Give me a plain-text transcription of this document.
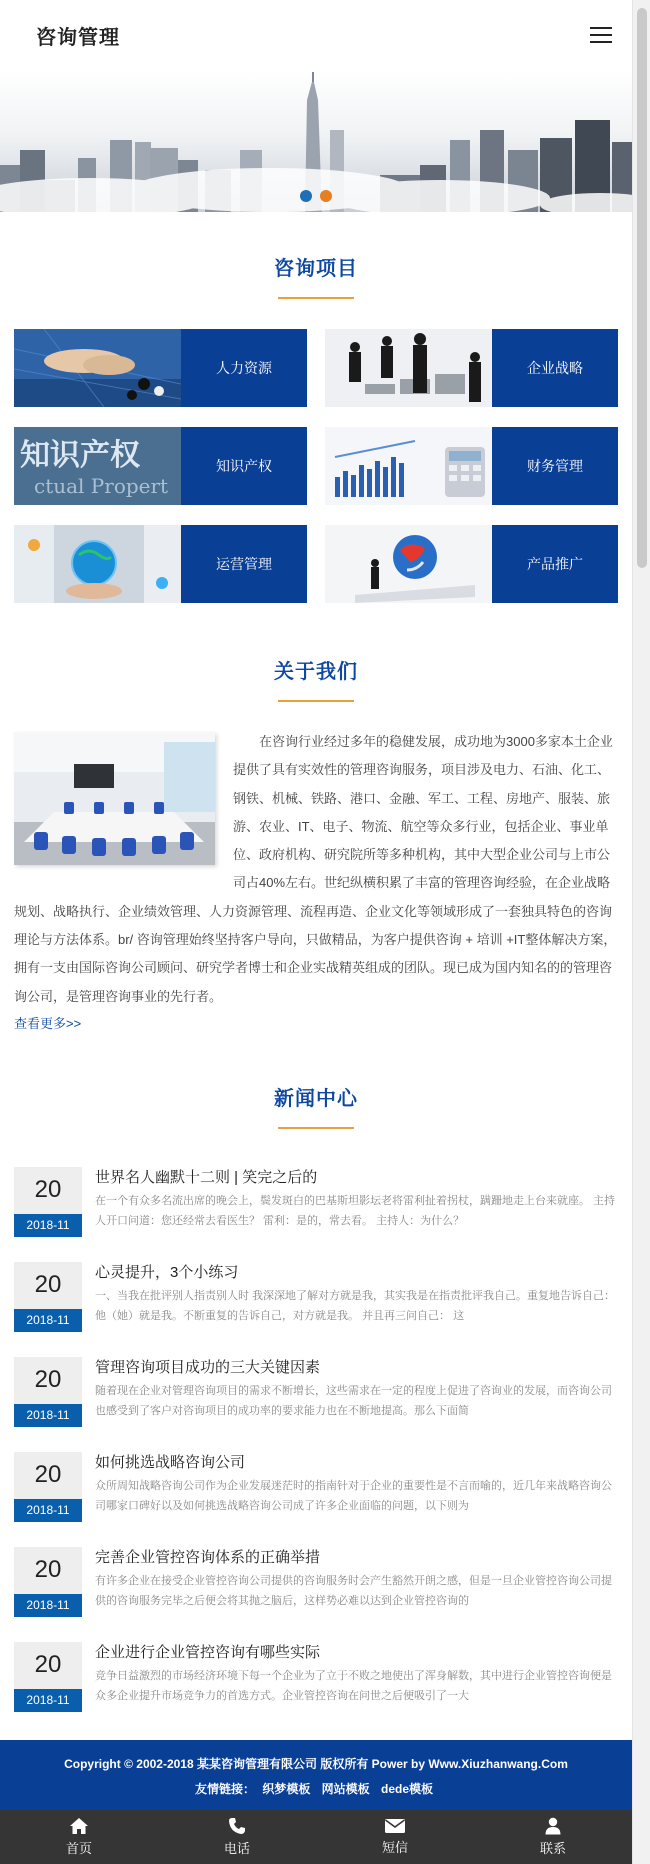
咨询管理
咨询项目
人力资源	企业战略
知识产权
ctual Propert
知识产权	财务管理
运营管理	产品推广
关于我们
在咨询行业经过多年的稳健发展，成功地为3000多家本土企业提供了具有实效性的管理咨询服务，项目涉及电力、石油、化工、钢铁、机械、铁路、港口、金融、军工、工程、房地产、服装、旅游、农业、IT、电子、物流、航空等众多行业，包括企业、事业单位、政府机构、研究院所等多种机构，其中大型企业公司与上市公司占40%左右。世纪纵横积累了丰富的管理咨询经验，在企业战略规划、战略执行、企业绩效管理、人力资源管理、流程再造、企业文化等领域形成了一套独具特色的咨询理论与方法体系。br/ 咨询管理始终坚持客户导向，只做精品，为客户提供咨询 + 培训 +IT整体解决方案，拥有一支由国际咨询公司顾问、研究学者博士和企业实战精英组成的团队。现已成为国内知名的的管理咨询公司，是管理咨询事业的先行者。
查看更多>>
新闻中心
20
2018-11
世界名人幽默十二则 | 笑完之后的
在一个有众多名流出席的晚会上，鬓发斑白的巴基斯坦影坛老将雷利扯着拐杖，蹒跚地走上台来就座。 主持人开口问道：您还经常去看医生？ 雷利：是的，常去看。 主持人：为什么？
20
2018-11
心灵提升，3个小练习
一、当我在批评别人指责别人时 我深深地了解对方就是我，其实我是在指责批评我自己。重复地告诉自己：他（她）就是我。不断重复的告诉自己，对方就是我。 并且再三问自己： 这
20
2018-11
管理咨询项目成功的三大关键因素
随着现在企业对管理咨询项目的需求不断增长，这些需求在一定的程度上促进了咨询业的发展，而咨询公司也感受到了客户对咨询项目的成功率的要求能力也在不断地提高。那么下面简
20
2018-11
如何挑选战略咨询公司
众所周知战略咨询公司作为企业发展迷茫时的指南针对于企业的重要性是不言而喻的，近几年来战略咨询公司哪家口碑好以及如何挑选战略咨询公司成了许多企业面临的问题，以下则为
20
2018-11
完善企业管控咨询体系的正确举措
有许多企业在接受企业管控咨询公司提供的咨询服务时会产生豁然开朗之感，但是一旦企业管控咨询公司提供的咨询服务完毕之后便会将其抛之脑后，这样势必难以达到企业管控咨询的
20
2018-11
企业进行企业管控咨询有哪些实际
竞争日益激烈的市场经济环境下每一个企业为了立于不败之地使出了浑身解数，其中进行企业管控咨询便是众多企业提升市场竞争力的首选方式。企业管控咨询在问世之后便吸引了一大
Copyright © 2002-2018 某某咨询管理有限公司 版权所有 Power by Www.Xiuzhanwang.Com
友情链接： 织梦模板 网站模板 dede模板
首页	电话	短信	联系
